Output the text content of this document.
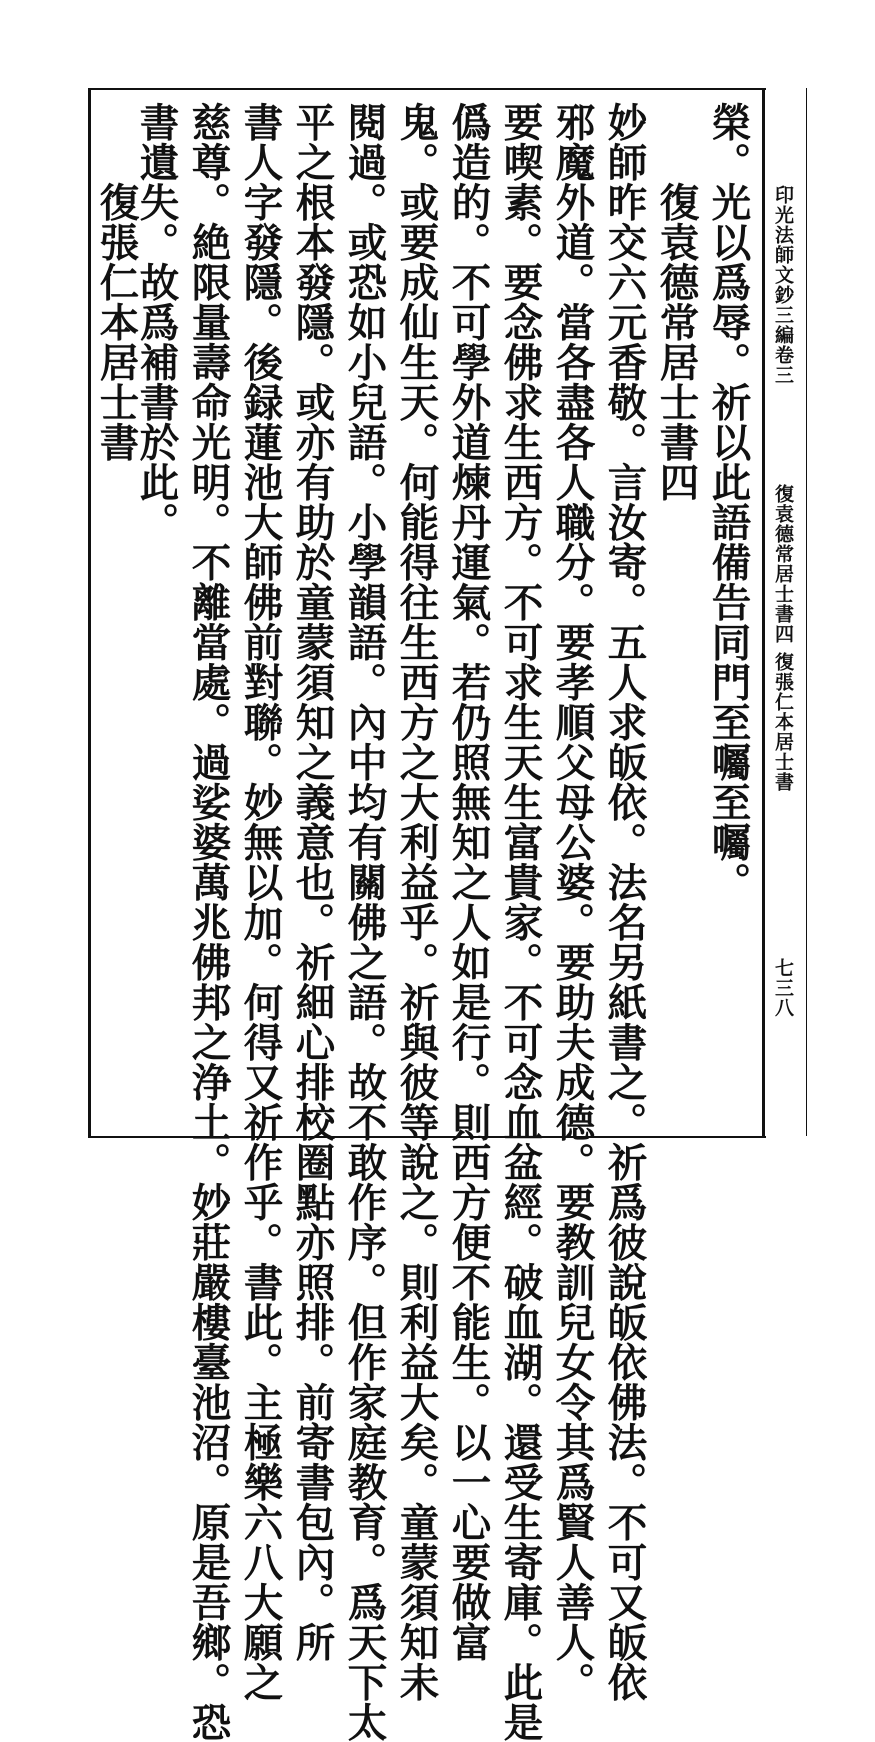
印光法師文鈔三編卷三
復袁德常居士書四
復張仁本居士書
七三八
榮。光以爲辱。祈以此語備告同門至囑至囑。
　　復袁德常居士書四
妙師昨交六元香敬。言汝寄。五人求皈依。法名另紙書之。祈爲彼說皈依佛法。不可又皈依
邪魔外道。當各盡各人職分。要孝順父母公婆。要助夫成德。要教訓兒女令其爲賢人善人。
要喫素。要念佛求生西方。不可求生天生富貴家。不可念血盆經。破血湖。還受生寄庫。此是
僞造的。不可學外道煉丹運氣。若仍照無知之人如是行。則西方便不能生。以一心要做富
鬼。或要成仙生天。何能得往生西方之大利益乎。祈與彼等說之。則利益大矣。童蒙須知未
閱過。或恐如小兒語。小學韻語。內中均有關佛之語。故不敢作序。但作家庭教育。爲天下太
平之根本發隱。或亦有助於童蒙須知之義意也。祈細心排校圈點亦照排。前寄書包內。所
書人字發隱。後録蓮池大師佛前對聯。妙無以加。何得又祈作乎。書此。主極樂六八大願之
慈尊。絶限量壽命光明。不離當處。過娑婆萬兆佛邦之浄土。妙莊嚴樓臺池沼。原是吾鄉。恐
書遺失。故爲補書於此。
　　復張仁本居士書
